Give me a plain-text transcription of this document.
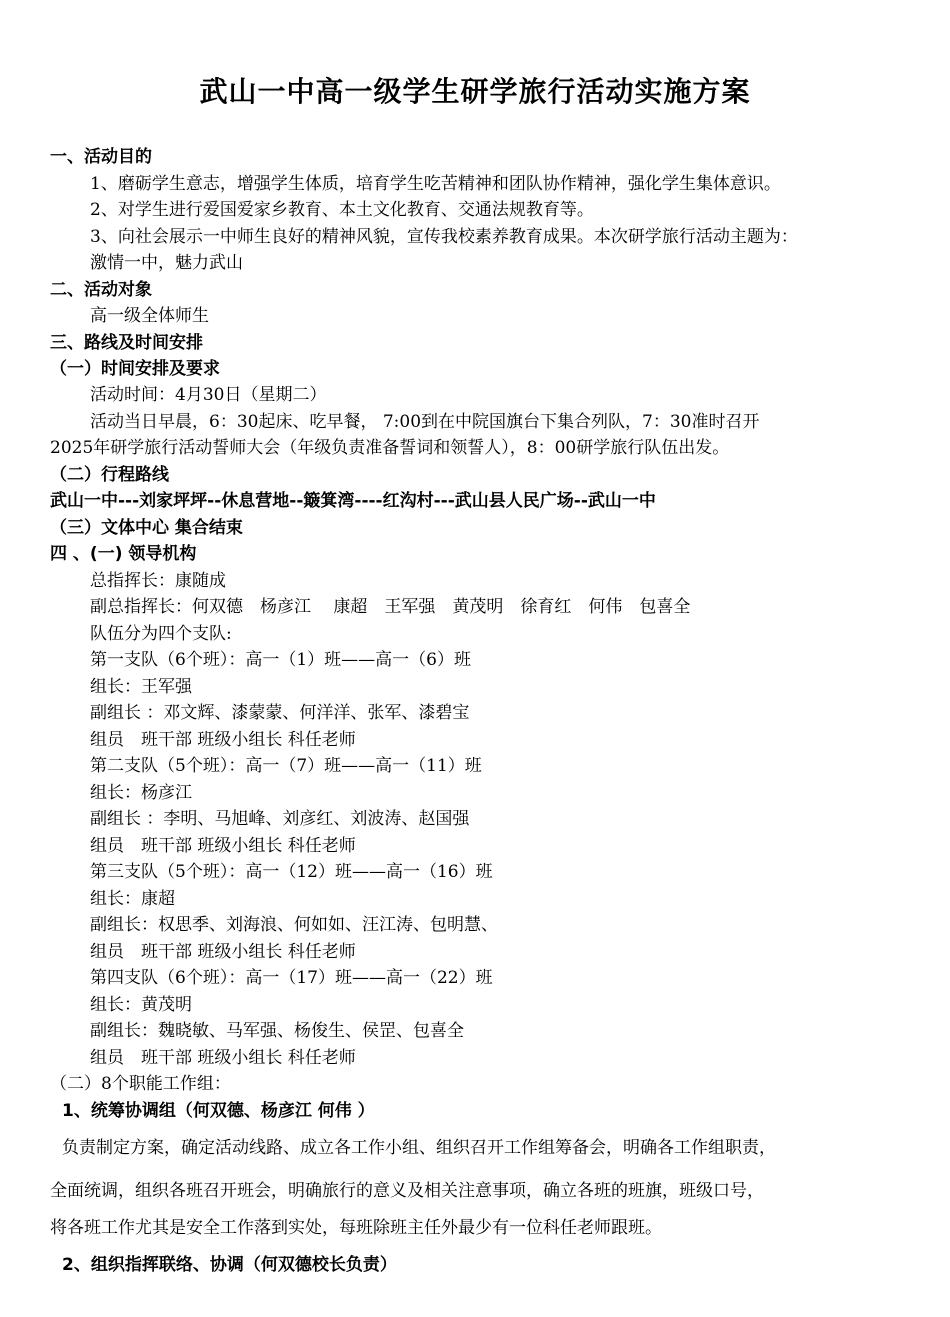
武山一中高一级学生研学旅行活动实施方案
一、活动目的
1、磨砺学生意志，增强学生体质，培育学生吃苦精神和团队协作精神，强化学生集体意识。
2、对学生进行爱国爱家乡教育、本土文化教育、交通法规教育等。
3、向社会展示一中师生良好的精神风貌，宣传我校素养教育成果。本次研学旅行活动主题为：
激情一中，魅力武山
二、活动对象
高一级全体师生
三、路线及时间安排
（一）时间安排及要求
活动时间：4月30日（星期二）
活动当日早晨，6：30起床、吃早餐， 7:00到在中院国旗台下集合列队，7：30准时召开
2025年研学旅行活动誓师大会（年级负责准备誓词和领誓人），8：00研学旅行队伍出发。
（二）行程路线
武山一中---刘家坪坪--休息营地--簸箕湾----红沟村---武山县人民广场--武山一中
（三）文体中心 集合结束
四 、(一) 领导机构
总指挥长：康随成
副总指挥长：何双德　杨彦江　 康超　王军强　黄茂明　徐育红　何伟　包喜全
队伍分为四个支队:
第一支队（6个班）：高一（1）班——高一（6）班
组长：王军强
副组长 ：邓文辉、漆蒙蒙、何洋洋、张军、漆碧宝
组员　班干部 班级小组长 科任老师
第二支队（5个班）：高一（7）班——高一（11）班
组长：杨彦江
副组长 ：李明、马旭峰、刘彦红、刘波涛、赵国强
组员　班干部 班级小组长 科任老师
第三支队（5个班）：高一（12）班——高一（16）班
组长：康超
副组长：权思季、刘海浪、何如如、汪江涛、包明慧、
组员　班干部 班级小组长 科任老师
第四支队（6个班）：高一（17）班——高一（22）班
组长：黄茂明
副组长：魏晓敏、马军强、杨俊生、侯罡、包喜全
组员　班干部 班级小组长 科任老师
（二）8个职能工作组：
1、统筹协调组（何双德、杨彦江 何伟 ）
负责制定方案，确定活动线路、成立各工作小组、组织召开工作组筹备会，明确各工作组职责，
全面统调，组织各班召开班会，明确旅行的意义及相关注意事项，确立各班的班旗，班级口号，
将各班工作尤其是安全工作落到实处，每班除班主任外最少有一位科任老师跟班。
2、组织指挥联络、协调（何双德校长负责）
